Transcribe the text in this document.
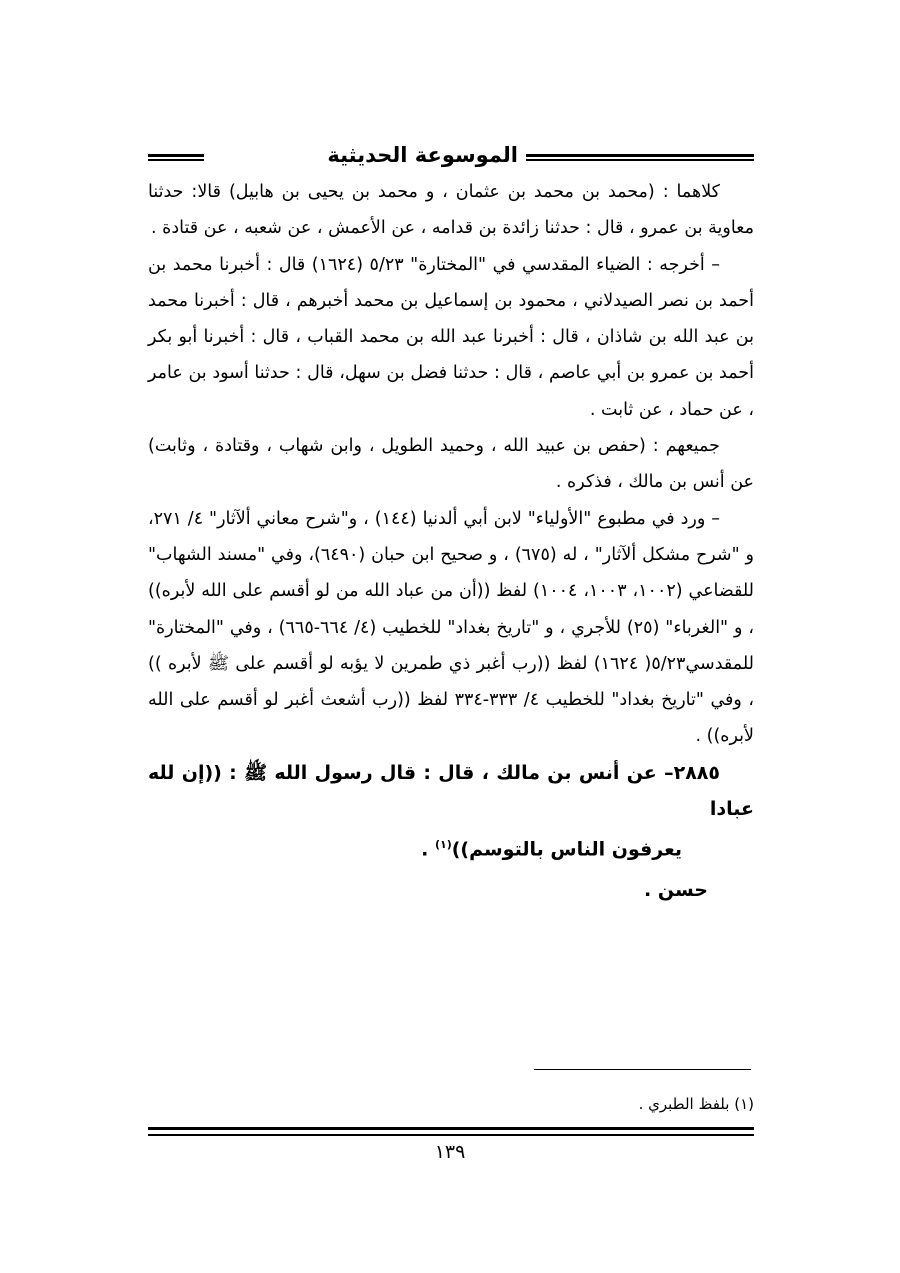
الموسوعة الحديثية

كلاهما : (محمد بن محمد بن عثمان ، و محمد بن يحيى بن هابيل) قالا: حدثنا معاوية بن عمرو ، قال : حدثنا زائدة بن قدامه ، عن الأعمش ، عن شعبه ، عن قتادة .

– أخرجه : الضياء المقدسي في "المختارة" ٥/٢٣ (١٦٢٤) قال : أخبرنا محمد بن أحمد بن نصر الصيدلاني ، محمود بن إسماعيل بن محمد أخبرهم ، قال : أخبرنا محمد بن عبد الله بن شاذان ، قال : أخبرنا عبد الله بن محمد القباب ، قال : أخبرنا أبو بكر أحمد بن عمرو بن أبي عاصم ، قال : حدثنا فضل بن سهل، قال : حدثنا أسود بن عامر ، عن حماد ، عن ثابت .

جميعهم : (حفص بن عبيد الله ، وحميد الطويل ، وابن شهاب ، وقتادة ، وثابت) عن أنس بن مالك ، فذكره .

– ورد في مطبوع "الأولياء" لابن أبي ألدنيا (١٤٤) ، و"شرح معاني ألآثار" ٤/ ٢٧١، و "شرح مشكل ألآثار" ، له (٦٧٥) ، و صحيح ابن حبان (٦٤٩٠)، وفي "مسند الشهاب" للقضاعي (١٠٠٢، ١٠٠٣، ١٠٠٤) لفظ ((أن من عباد الله من لو أقسم على الله لأبره)) ، و "الغرباء" (٢٥) للأجري ، و "تاريخ بغداد" للخطيب (٤/ ٦٦٤-٦٦٥) ، وفي "المختارة" للمقدسي٥/٢٣( ١٦٢٤) لفظ ((رب أغبر ذي طمرين لا يؤبه لو أقسم على ﷺ لأبره )) ، وفي "تاريخ بغداد" للخطيب ٤/ ٣٣٣-٣٣٤ لفظ ((رب أشعث أغبر لو أقسم على الله لأبره)) .

٢٨٨٥– عن أنس بن مالك ، قال : قال رسول الله ﷺ : ((إن لله عبادا

يعرفون الناس بالتوسم))$^{(١)}$ .

حسن .

(١) بلفظ الطبري .
١٣٩
